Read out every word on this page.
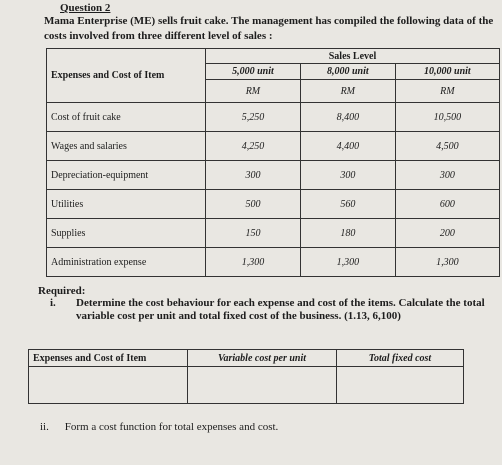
Question 2
Mama Enterprise (ME) sells fruit cake. The management has compiled the following data of the costs involved from three different level of sales :
Expenses and Cost of Item	Sales Level		
	5,000 unit	8,000 unit	10,000 unit
	RM	RM	RM
Cost of fruit cake	5,250	8,400	10,500
Wages and salaries	4,250	4,400	4,500
Depreciation-equipment	300	300	300
Utilities	500	560	600
Supplies	150	180	200
Administration expense	1,300	1,300	1,300
Required:
i. Determine the cost behaviour for each expense and cost of the items. Calculate the total variable cost per unit and total fixed cost of the business. (1.13, 6,100)
Expenses and Cost of Item	Variable cost per unit	Total fixed cost

ii. Form a cost function for total expenses and cost.
